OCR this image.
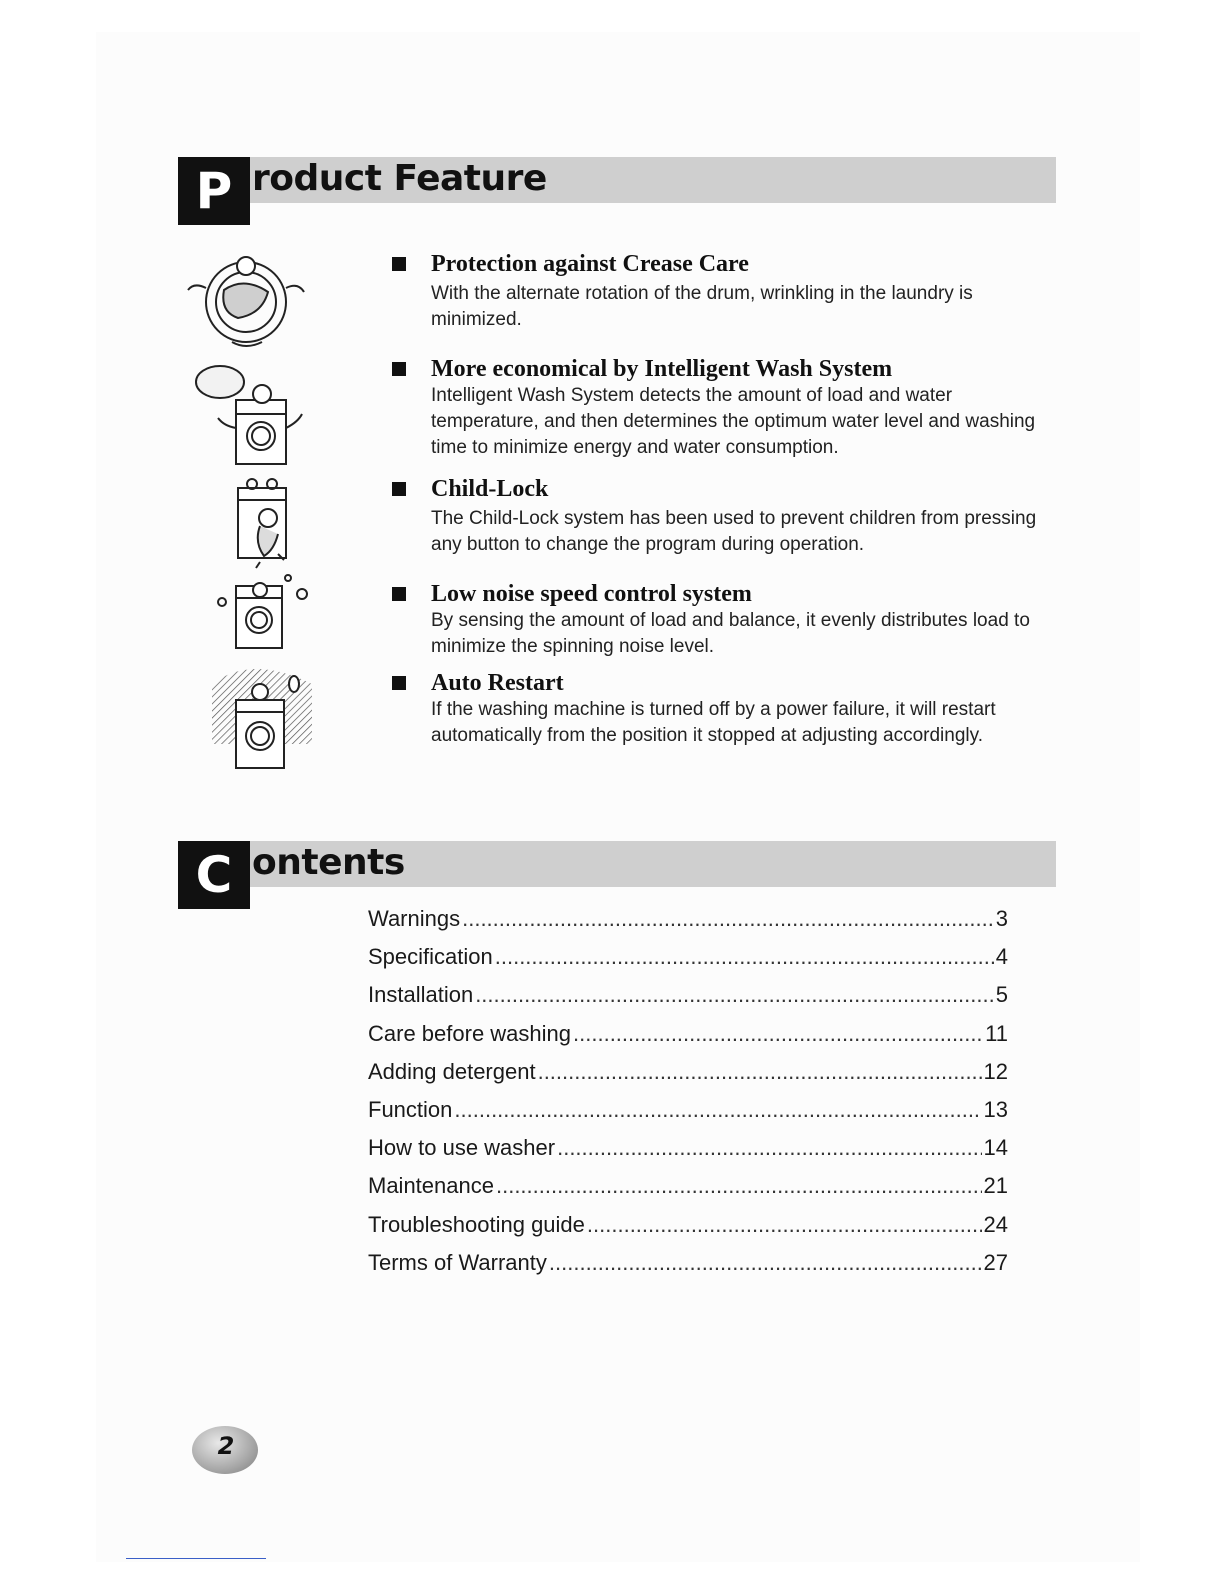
P roduct Feature
Protection against Crease Care

With the alternate rotation of the drum, wrinkling in the laundry is minimized.

More economical by Intelligent Wash System

Intelligent Wash System detects the amount of load and water temperature, and then determines the optimum water level and washing time to minimize energy and water consumption.

Child-Lock

The Child-Lock system has been used to prevent children from pressing any button to change the program during operation.

Low noise speed control system

By sensing the amount of load and balance, it evenly distributes load to minimize the spinning noise level.

Auto Restart

If the washing machine is turned off by a power failure, it will restart automatically from the position it stopped at adjusting accordingly.

C ontents
Warnings .....	3
Specification .....	4
Installation .....	5
Care before washing .....	11
Adding detergent .....	12
Function .....	13
How to use washer .....	14
Maintenance .....	21
Troubleshooting guide .....	24
Terms of Warranty .....	27
2
